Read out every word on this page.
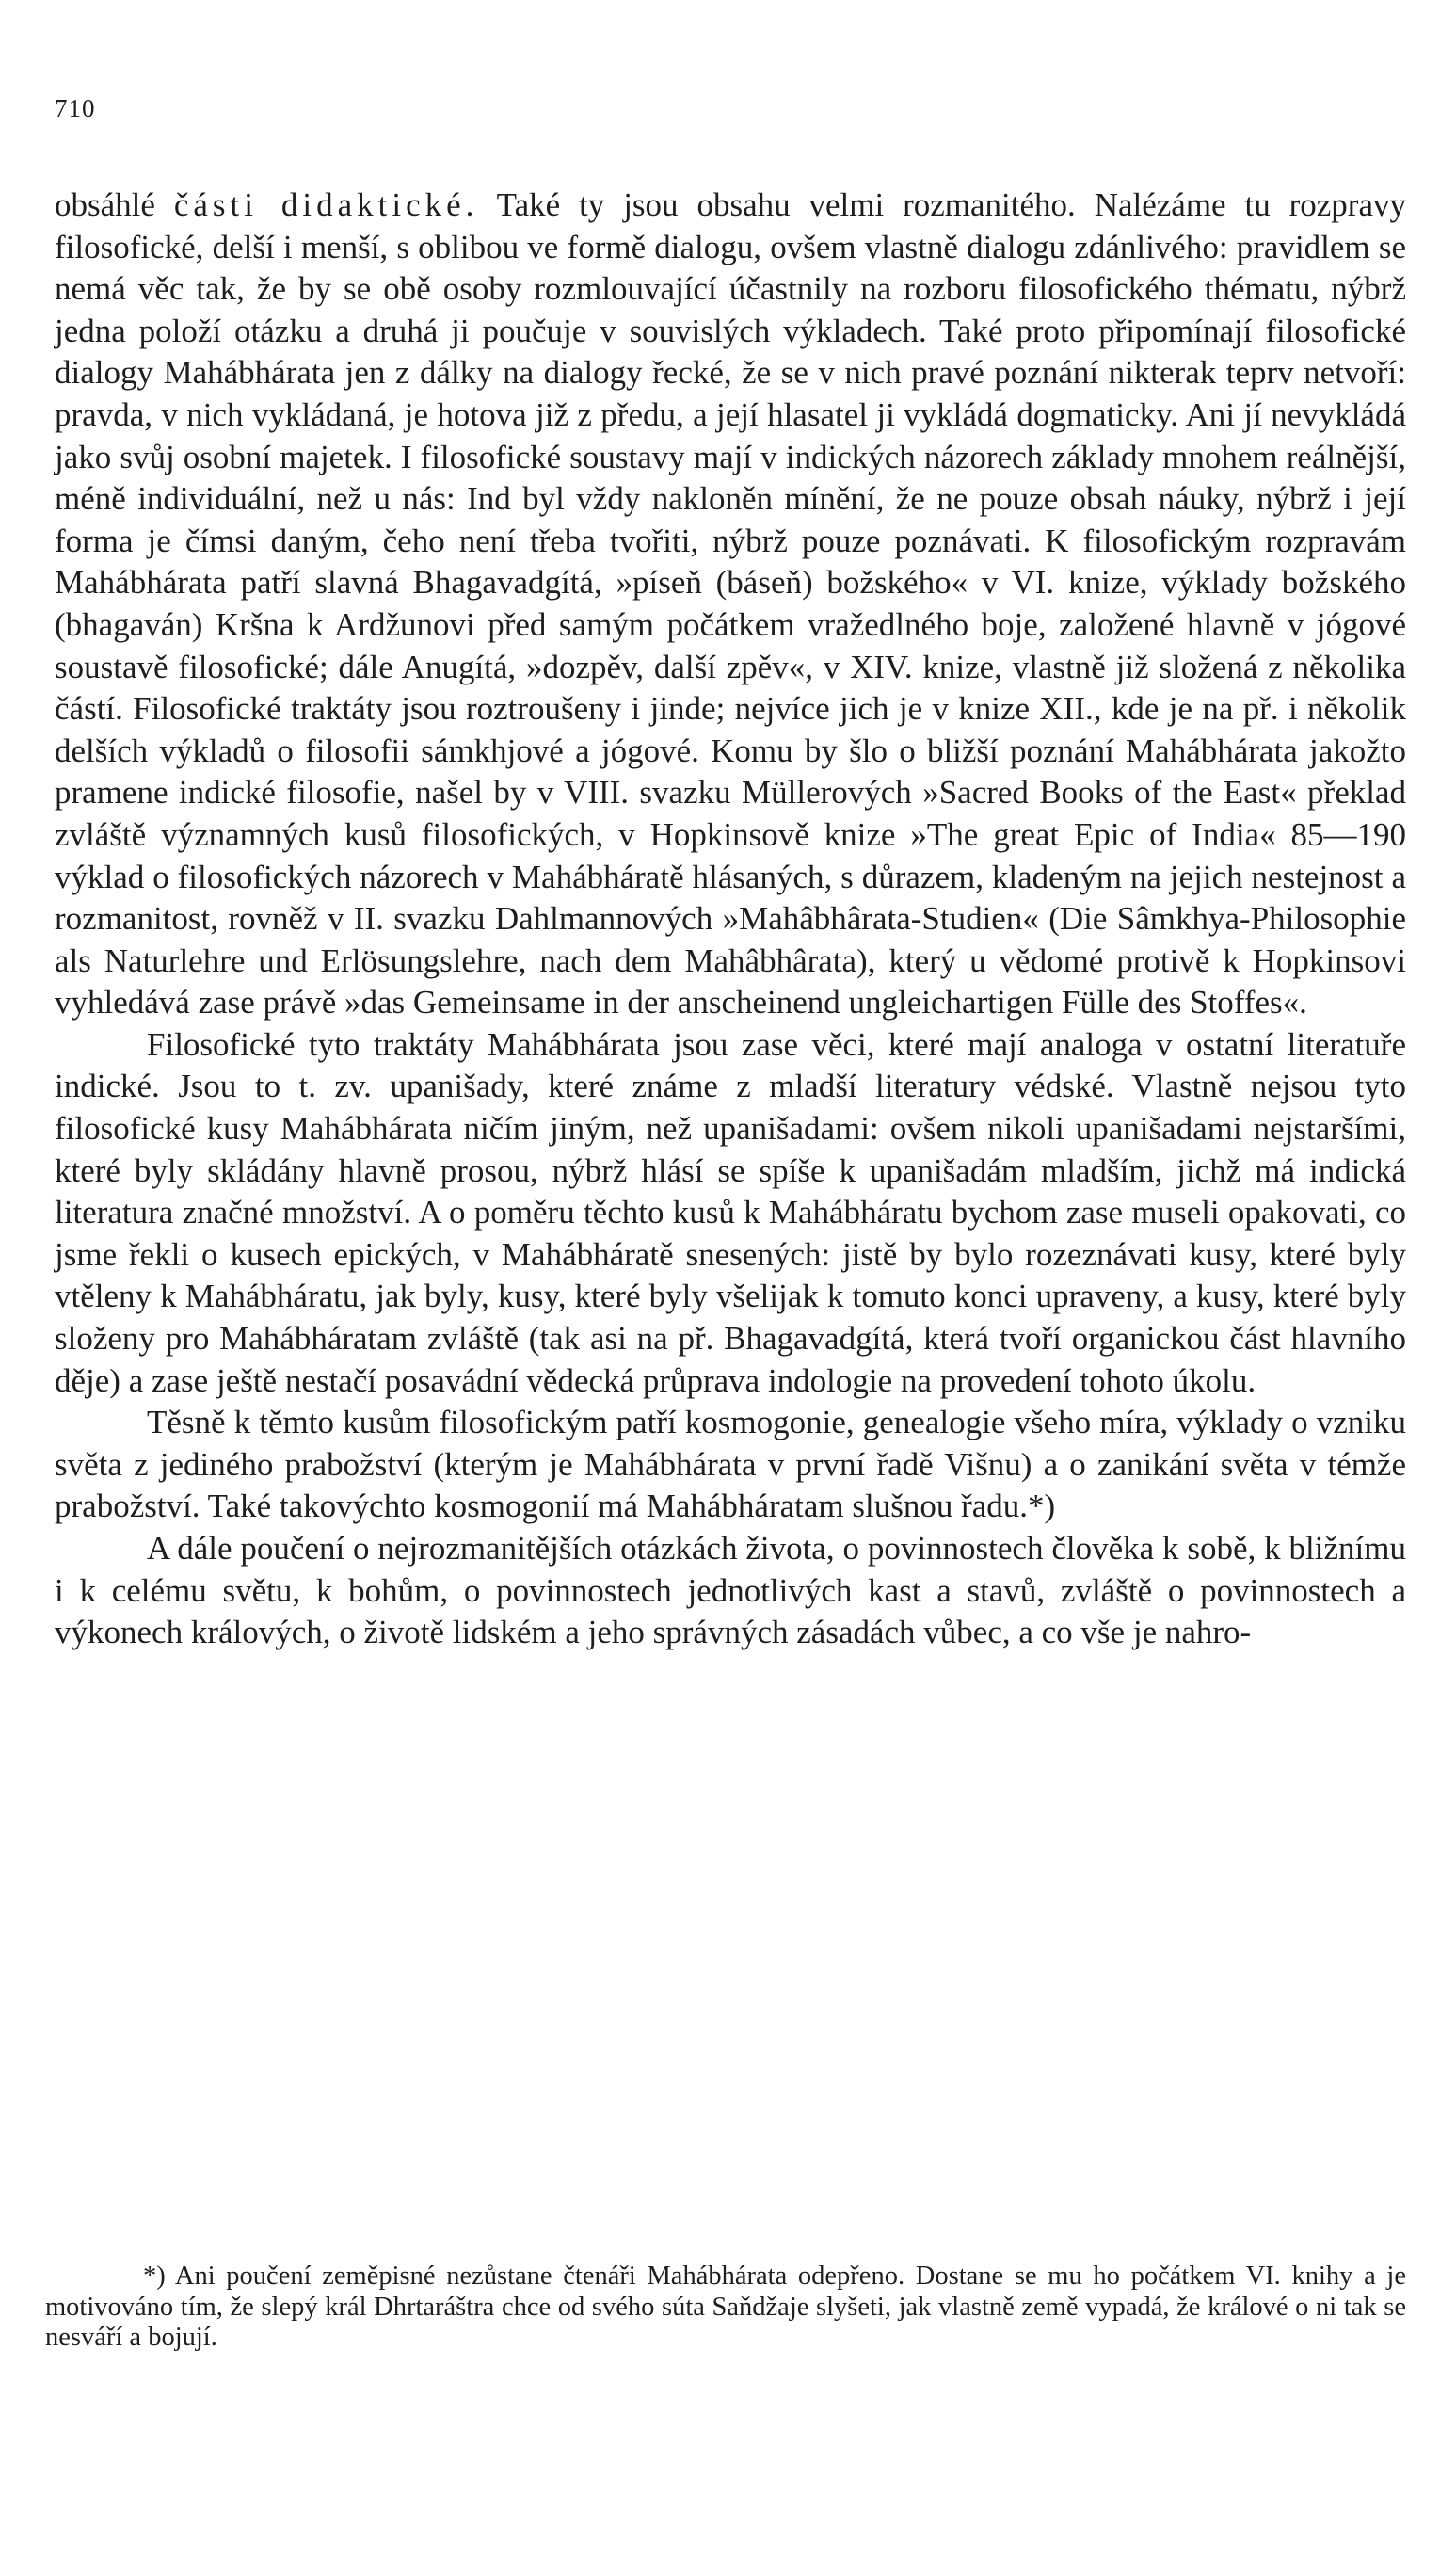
710

obsáhlé části didaktické. Také ty jsou obsahu velmi rozmanitého. Nalézáme tu rozpravy filosofické, delší i menší, s oblibou ve formě dialogu, ovšem vlastně dialogu zdánlivého: pravidlem se nemá věc tak, že by se obě osoby rozmlouvající účastnily na rozboru filosofického thématu, nýbrž jedna položí otázku a druhá ji poučuje v souvislých výkladech. Také proto připomínají filosofické dialogy Mahábhárata jen z dálky na dialogy řecké, že se v nich pravé poznání nikterak teprv netvoří: pravda, v nich vykládaná, je hotova již z předu, a její hlasatel ji vykládá dogmaticky. Ani jí nevykládá jako svůj osobní majetek. I filosofické soustavy mají v indických názorech základy mnohem reálnější, méně individuální, než u nás: Ind byl vždy nakloněn mínění, že ne pouze obsah náuky, nýbrž i její forma je čímsi daným, čeho není třeba tvořiti, nýbrž pouze poznávati. K filosofickým rozpravám Mahábhárata patří slavná Bhagavadgítá, »píseň (báseň) božského« v VI. knize, výklady božského (bhagaván) Kršna k Ardžunovi před samým počátkem vražedlného boje, založené hlavně v jógové soustavě filosofické; dále Anugítá, »dozpěv, další zpěv«, v XIV. knize, vlastně již složená z několika částí. Filosofické traktáty jsou roztroušeny i jinde; nejvíce jich je v knize XII., kde je na př. i několik delších výkladů o filosofii sámkhjové a jógové. Komu by šlo o bližší poznání Mahábhárata jakožto pramene indické filosofie, našel by v VIII. svazku Müllerových »Sacred Books of the East« překlad zvláště významných kusů filosofických, v Hopkinsově knize »The great Epic of India« 85—190 výklad o filosofických názorech v Mahábháratě hlásaných, s důrazem, kladeným na jejich nestejnost a rozmanitost, rovněž v II. svazku Dahlmannových »Mahâbhârata-Studien« (Die Sâmkhya-Philosophie als Naturlehre und Erlösungslehre, nach dem Mahâbhârata), který u vědomé protivě k Hopkinsovi vyhledává zase právě »das Gemeinsame in der anscheinend ungleichartigen Fülle des Stoffes«.

Filosofické tyto traktáty Mahábhárata jsou zase věci, které mají analoga v ostatní literatuře indické. Jsou to t. zv. upanišady, které známe z mladší literatury védské. Vlastně nejsou tyto filosofické kusy Mahábhárata ničím jiným, než upanišadami: ovšem nikoli upanišadami nejstaršími, které byly skládány hlavně prosou, nýbrž hlásí se spíše k upanišadám mladším, jichž má indická literatura značné množství. A o poměru těchto kusů k Mahábháratu bychom zase museli opakovati, co jsme řekli o kusech epických, v Mahábháratě snesených: jistě by bylo rozeznávati kusy, které byly vtěleny k Mahábháratu, jak byly, kusy, které byly všelijak k tomuto konci upraveny, a kusy, které byly složeny pro Mahábháratam zvláště (tak asi na př. Bhagavadgítá, která tvoří organickou část hlavního děje) a zase ještě nestačí posavádní vědecká průprava indologie na provedení tohoto úkolu.

Těsně k těmto kusům filosofickým patří kosmogonie, genealogie všeho míra, výklady o vzniku světa z jediného prabožství (kterým je Mahábhárata v první řadě Višnu) a o zanikání světa v témže prabožství. Také takovýchto kosmogonií má Mahábháratam slušnou řadu.*)

A dále poučení o nejrozmanitějších otázkách života, o povinnostech člověka k sobě, k bližnímu i k celému světu, k bohům, o povinnostech jednotlivých kast a stavů, zvláště o povinnostech a výkonech králových, o životě lidském a jeho správných zásadách vůbec, a co vše je nahro-

*) Ani poučení zeměpisné nezůstane čtenáři Mahábhárata odepřeno. Dostane se mu ho počátkem VI. knihy a je motivováno tím, že slepý král Dhrtaráštra chce od svého súta Saňdžaje slyšeti, jak vlastně země vypadá, že králové o ni tak se nesváří a bojují.
